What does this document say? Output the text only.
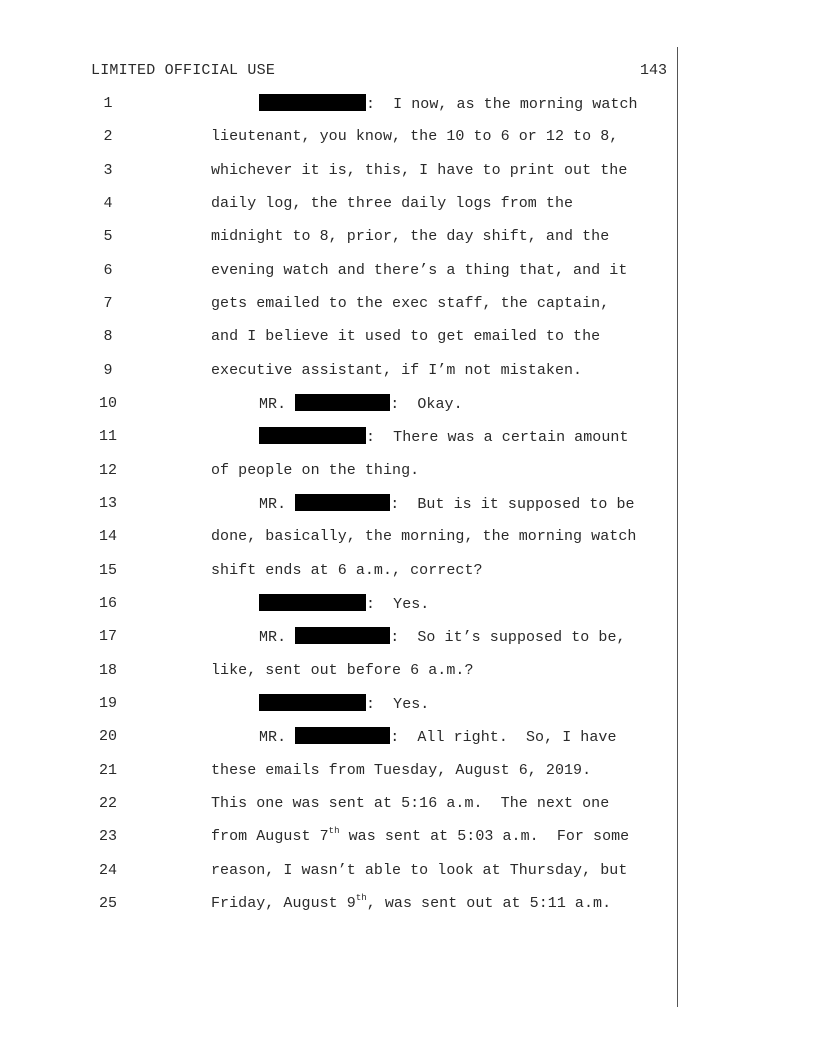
LIMITED OFFICIAL USE	143
1	:  I now, as the morning watch
2	lieutenant, you know, the 10 to 6 or 12 to 8,
3	whichever it is, this, I have to print out the
4	daily log, the three daily logs from the
5	midnight to 8, prior, the day shift, and the
6	evening watch and there’s a thing that, and it
7	gets emailed to the exec staff, the captain,
8	and I believe it used to get emailed to the
9	executive assistant, if I’m not mistaken.
10	MR.	:  Okay.
11	:  There was a certain amount
12	of people on the thing.
13	MR.	:  But is it supposed to be
14	done, basically, the morning, the morning watch
15	shift ends at 6 a.m., correct?
16	:  Yes.
17	MR.	:  So it’s supposed to be,
18	like, sent out before 6 a.m.?
19	:  Yes.
20	MR.	:  All right.  So, I have
21	these emails from Tuesday, August 6, 2019.
22	This one was sent at 5:16 a.m.  The next one
23	from August 7th was sent at 5:03 a.m.  For some
24	reason, I wasn’t able to look at Thursday, but
25	Friday, August 9th, was sent out at 5:11 a.m.
